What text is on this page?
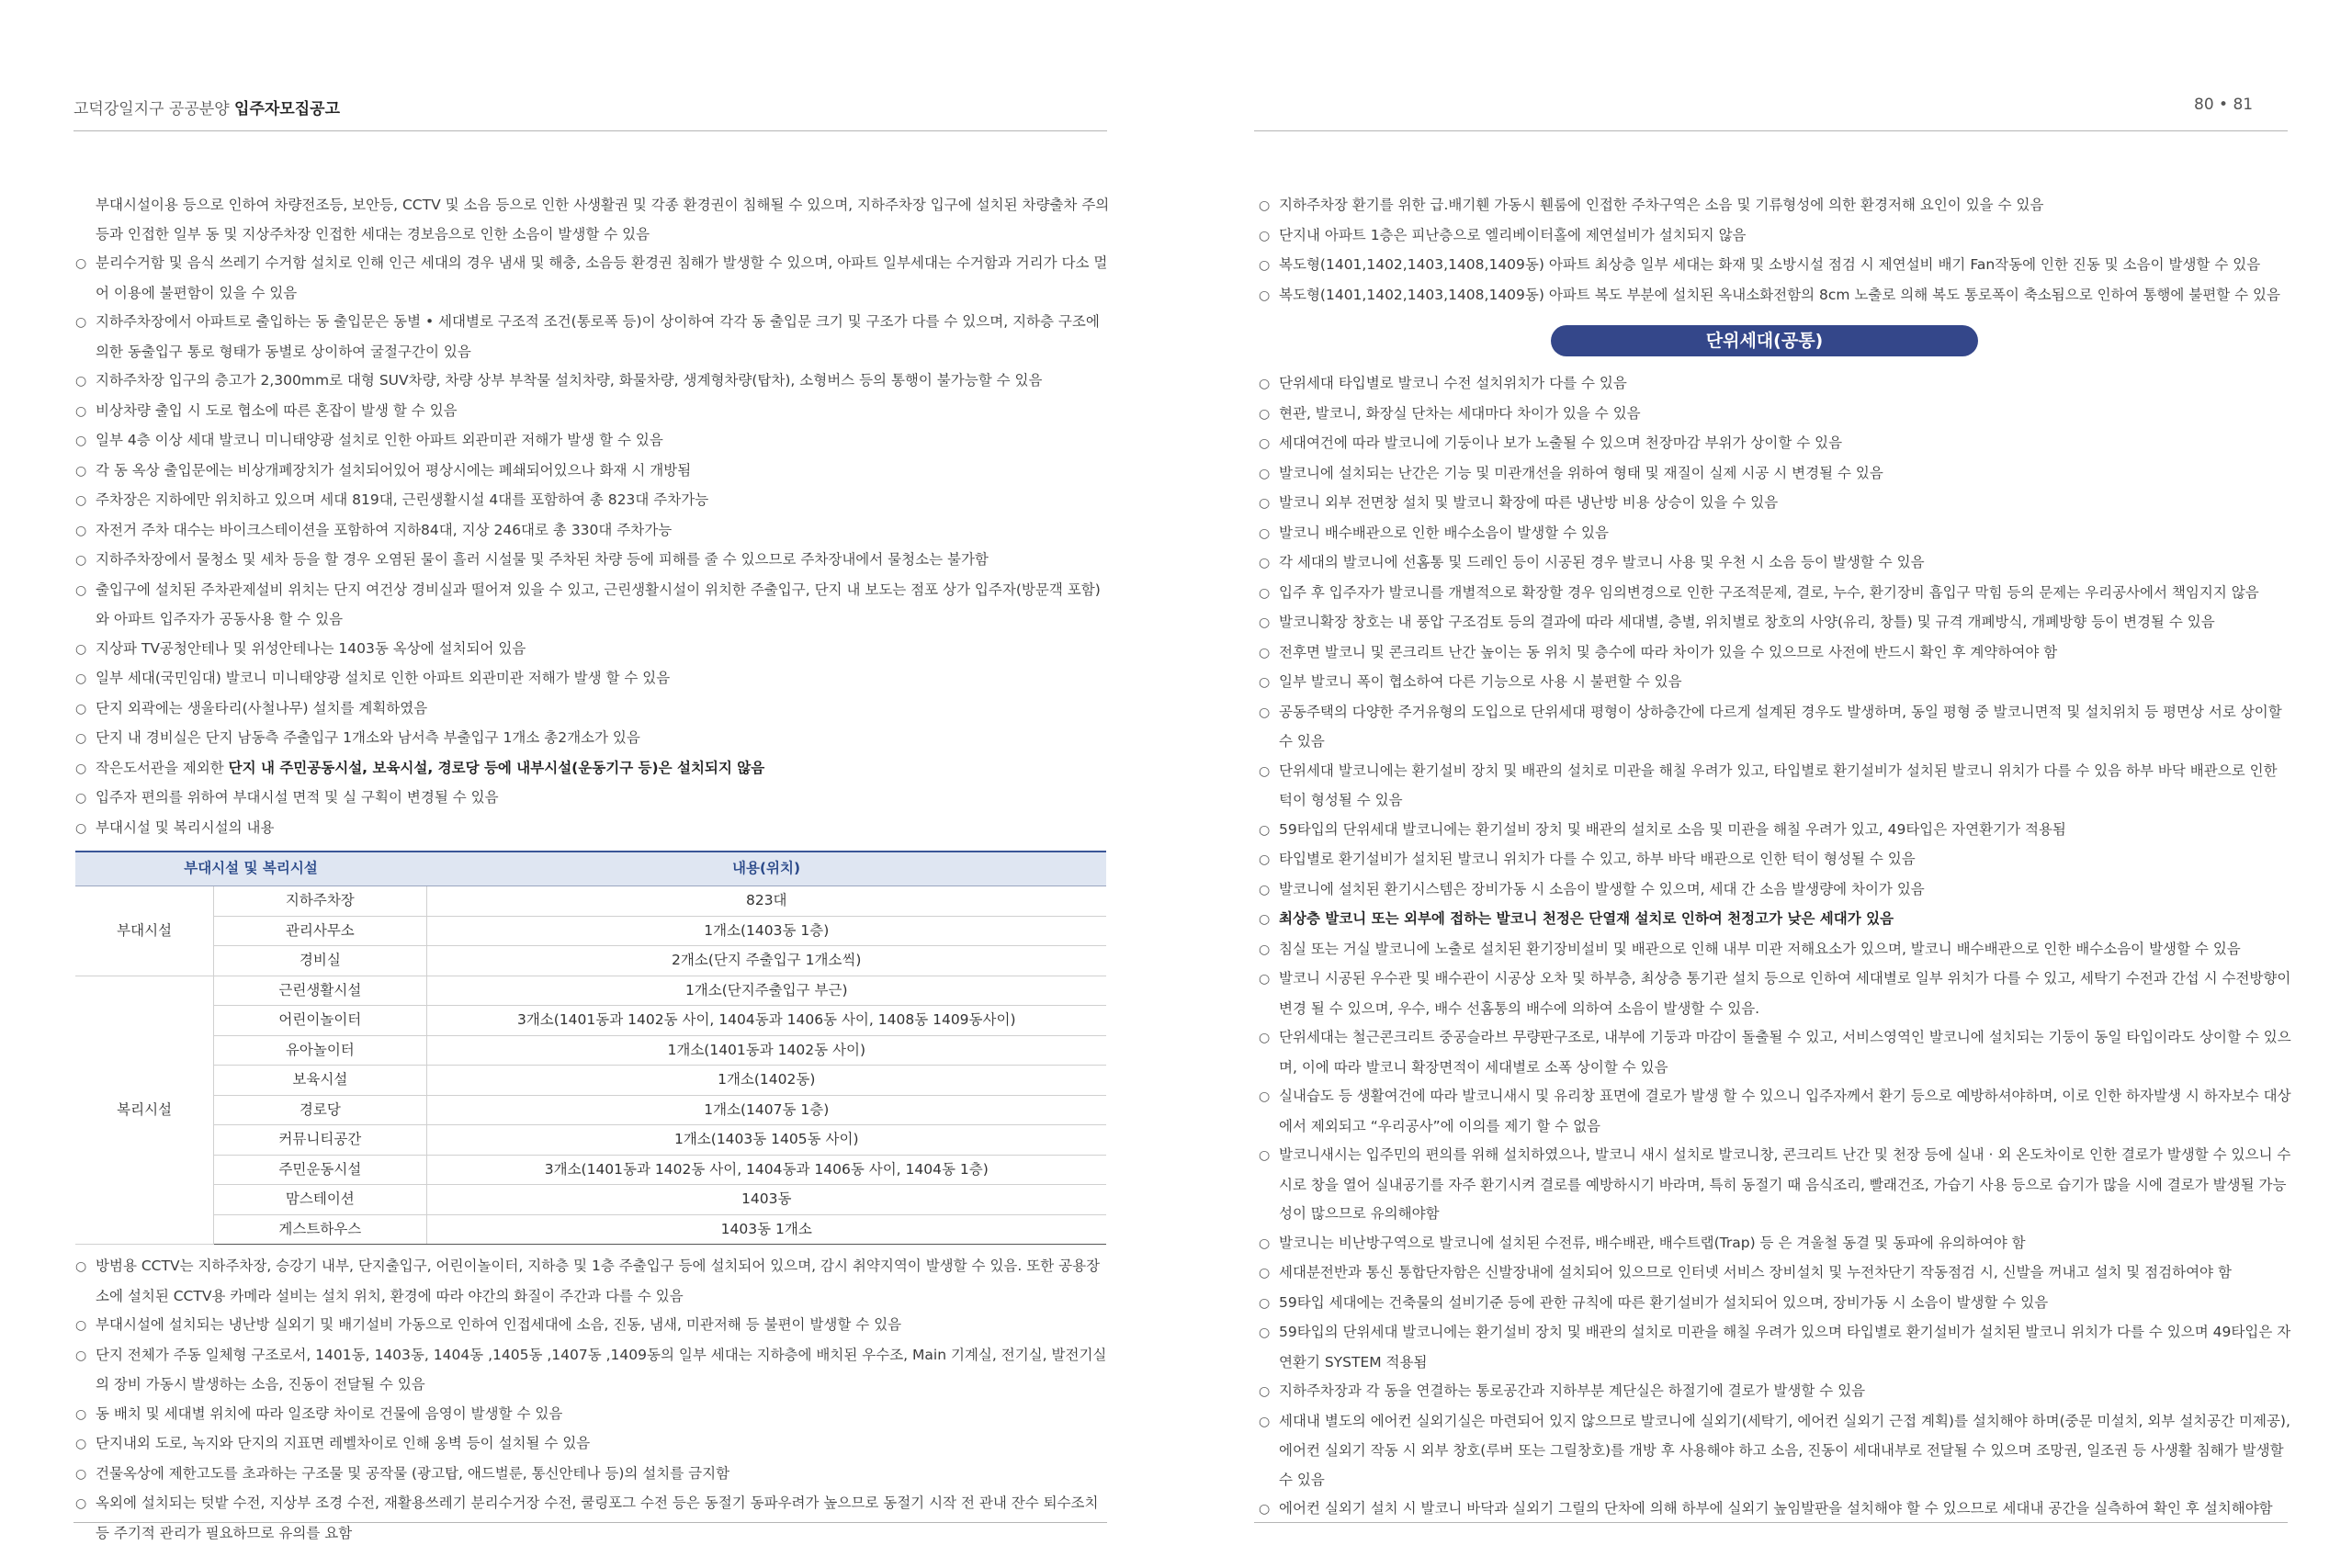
고덕강일지구 공공분양 입주자모집공고	80 • 81

부대시설이용 등으로 인하여 차량전조등, 보안등, CCTV 및 소음 등으로 인한 사생활권 및 각종 환경권이 침해될 수 있으며, 지하주차장 입구에 설치된 차량출차 주의등과 인접한 일부 동 및 지상주차장 인접한 세대는 경보음으로 인한 소음이 발생할 수 있음

○ 분리수거함 및 음식 쓰레기 수거함 설치로 인해 인근 세대의 경우 냄새 및 해충, 소음등 환경권 침해가 발생할 수 있으며, 아파트 일부세대는 수거함과 거리가 다소 멀어 이용에 불편함이 있을 수 있음

○ 지하주차장에서 아파트로 출입하는 동 출입문은 동별 • 세대별로 구조적 조건(통로폭 등)이 상이하여 각각 동 출입문 크기 및 구조가 다를 수 있으며, 지하층 구조에 의한 동출입구 통로 형태가 동별로 상이하여 굴절구간이 있음

○ 지하주차장 입구의 층고가 2,300mm로 대형 SUV차량, 차량 상부 부착물 설치차량, 화물차량, 생계형차량(탑차), 소형버스 등의 통행이 불가능할 수 있음

○ 비상차량 출입 시 도로 협소에 따른 혼잡이 발생 할 수 있음

○ 일부 4층 이상 세대 발코니 미니태양광 설치로 인한 아파트 외관미관 저해가 발생 할 수 있음

○ 각 동 옥상 출입문에는 비상개폐장치가 설치되어있어 평상시에는 폐쇄되어있으나 화재 시 개방됨

○ 주차장은 지하에만 위치하고 있으며 세대 819대, 근린생활시설 4대를 포함하여 총 823대 주차가능

○ 자전거 주차 대수는 바이크스테이션을 포함하여 지하84대, 지상 246대로 총 330대 주차가능

○ 지하주차장에서 물청소 및 세차 등을 할 경우 오염된 물이 흘러 시설물 및 주차된 차량 등에 피해를 줄 수 있으므로 주차장내에서 물청소는 불가함

○ 출입구에 설치된 주차관제설비 위치는 단지 여건상 경비실과 떨어져 있을 수 있고, 근린생활시설이 위치한 주출입구, 단지 내 보도는 점포 상가 입주자(방문객 포함)와 아파트 입주자가 공동사용 할 수 있음

○ 지상파 TV공청안테나 및 위성안테나는 1403동 옥상에 설치되어 있음

○ 일부 세대(국민임대) 발코니 미니태양광 설치로 인한 아파트 외관미관 저해가 발생 할 수 있음

○ 단지 외곽에는 생울타리(사철나무) 설치를 계획하였음

○ 단지 내 경비실은 단지 남동측 주출입구 1개소와 남서측 부출입구 1개소 총2개소가 있음

○ 작은도서관을 제외한 단지 내 주민공동시설, 보육시설, 경로당 등에 내부시설(운동기구 등)은 설치되지 않음

○ 입주자 편의를 위하여 부대시설 면적 및 실 구획이 변경될 수 있음

○ 부대시설 및 복리시설의 내용

부대시설 및 복리시설		내용(위치)
부대시설	지하주차장	823대
	관리사무소	1개소(1403동 1층)
	경비실	2개소(단지 주출입구 1개소씩)
복리시설	근린생활시설	1개소(단지주출입구 부근)
	어린이놀이터	3개소(1401동과 1402동 사이, 1404동과 1406동 사이, 1408동 1409동사이)
	유아놀이터	1개소(1401동과 1402동 사이)
	보육시설	1개소(1402동)
	경로당	1개소(1407동 1층)
	커뮤니티공간	1개소(1403동 1405동 사이)
	주민운동시설	3개소(1401동과 1402동 사이, 1404동과 1406동 사이, 1404동 1층)
	맘스테이션	1403동
	게스트하우스	1403동 1개소

○ 방범용 CCTV는 지하주차장, 승강기 내부, 단지출입구, 어린이놀이터, 지하층 및 1층 주출입구 등에 설치되어 있으며, 감시 취약지역이 발생할 수 있음. 또한 공용장소에 설치된 CCTV용 카메라 설비는 설치 위치, 환경에 따라 야간의 화질이 주간과 다를 수 있음

○ 부대시설에 설치되는 냉난방 실외기 및 배기설비 가동으로 인하여 인접세대에 소음, 진동, 냄새, 미관저해 등 불편이 발생할 수 있음

○ 단지 전체가 주동 일체형 구조로서, 1401동, 1403동, 1404동 ,1405동 ,1407동 ,1409동의 일부 세대는 지하층에 배치된 우수조, Main 기계실, 전기실, 발전기실의 장비 가동시 발생하는 소음, 진동이 전달될 수 있음

○ 동 배치 및 세대별 위치에 따라 일조량 차이로 건물에 음영이 발생할 수 있음

○ 단지내외 도로, 녹지와 단지의 지표면 레벨차이로 인해 옹벽 등이 설치될 수 있음

○ 건물옥상에 제한고도를 초과하는 구조물 및 공작물 (광고탑, 애드벌룬, 통신안테나 등)의 설치를 금지함

○ 옥외에 설치되는 텃밭 수전, 지상부 조경 수전, 재활용쓰레기 분리수거장 수전, 쿨링포그 수전 등은 동절기 동파우려가 높으므로 동절기 시작 전 관내 잔수 퇴수조치 등 주기적 관리가 필요하므로 유의를 요함

○ 지하주차장 환기를 위한 급.배기휀 가동시 휀룸에 인접한 주차구역은 소음 및 기류형성에 의한 환경저해 요인이 있을 수 있음

○ 단지내 아파트 1층은 피난층으로 엘리베이터홀에 제연설비가 설치되지 않음

○ 복도형(1401,1402,1403,1408,1409동) 아파트 최상층 일부 세대는 화재 및 소방시설 점검 시 제연설비 배기 Fan작동에 인한 진동 및 소음이 발생할 수 있음

○ 복도형(1401,1402,1403,1408,1409동) 아파트 복도 부분에 설치된 옥내소화전함의 8cm 노출로 의해 복도 통로폭이 축소됨으로 인하여 통행에 불편할 수 있음

단위세대(공통)

○ 단위세대 타입별로 발코니 수전 설치위치가 다를 수 있음

○ 현관, 발코니, 화장실 단차는 세대마다 차이가 있을 수 있음

○ 세대여건에 따라 발코니에 기둥이나 보가 노출될 수 있으며 천장마감 부위가 상이할 수 있음

○ 발코니에 설치되는 난간은 기능 및 미관개선을 위하여 형태 및 재질이 실제 시공 시 변경될 수 있음

○ 발코니 외부 전면창 설치 및 발코니 확장에 따른 냉난방 비용 상승이 있을 수 있음

○ 발코니 배수배관으로 인한 배수소음이 발생할 수 있음

○ 각 세대의 발코니에 선홈통 및 드레인 등이 시공된 경우 발코니 사용 및 우천 시 소음 등이 발생할 수 있음

○ 입주 후 입주자가 발코니를 개별적으로 확장할 경우 임의변경으로 인한 구조적문제, 결로, 누수, 환기장비 흡입구 막힘 등의 문제는 우리공사에서 책임지지 않음

○ 발코니확장 창호는 내 풍압 구조검토 등의 결과에 따라 세대별, 층별, 위치별로 창호의 사양(유리, 창틀) 및 규격 개폐방식, 개폐방향 등이 변경될 수 있음

○ 전후면 발코니 및 콘크리트 난간 높이는 동 위치 및 층수에 따라 차이가 있을 수 있으므로 사전에 반드시 확인 후 계약하여야 함

○ 일부 발코니 폭이 협소하여 다른 기능으로 사용 시 불편할 수 있음

○ 공동주택의 다양한 주거유형의 도입으로 단위세대 평형이 상하층간에 다르게 설계된 경우도 발생하며, 동일 평형 중 발코니면적 및 설치위치 등 평면상 서로 상이할 수 있음

○ 단위세대 발코니에는 환기설비 장치 및 배관의 설치로 미관을 해칠 우려가 있고, 타입별로 환기설비가 설치된 발코니 위치가 다를 수 있음 하부 바닥 배관으로 인한 턱이 형성될 수 있음

○ 59타입의 단위세대 발코니에는 환기설비 장치 및 배관의 설치로 소음 및 미관을 해칠 우려가 있고, 49타입은 자연환기가 적용됨

○ 타입별로 환기설비가 설치된 발코니 위치가 다를 수 있고, 하부 바닥 배관으로 인한 턱이 형성될 수 있음

○ 발코니에 설치된 환기시스템은 장비가동 시 소음이 발생할 수 있으며, 세대 간 소음 발생량에 차이가 있음

○ 최상층 발코니 또는 외부에 접하는 발코니 천정은 단열재 설치로 인하여 천정고가 낮은 세대가 있음

○ 침실 또는 거실 발코니에 노출로 설치된 환기장비설비 및 배관으로 인해 내부 미관 저해요소가 있으며, 발코니 배수배관으로 인한 배수소음이 발생할 수 있음

○ 발코니 시공된 우수관 및 배수관이 시공상 오차 및 하부층, 최상층 통기관 설치 등으로 인하여 세대별로 일부 위치가 다를 수 있고, 세탁기 수전과 간섭 시 수전방향이 변경 될 수 있으며, 우수, 배수 선홈통의 배수에 의하여 소음이 발생할 수 있음.

○ 단위세대는 철근콘크리트 중공슬라브 무량판구조로, 내부에 기둥과 마감이 돌출될 수 있고, 서비스영역인 발코니에 설치되는 기둥이 동일 타입이라도 상이할 수 있으며, 이에 따라 발코니 확장면적이 세대별로 소폭 상이할 수 있음

○ 실내습도 등 생활여건에 따라 발코니새시 및 유리창 표면에 결로가 발생 할 수 있으니 입주자께서 환기 등으로 예방하셔야하며, 이로 인한 하자발생 시 하자보수 대상에서 제외되고 “우리공사”에 이의를 제기 할 수 없음

○ 발코니새시는 입주민의 편의를 위해 설치하였으나, 발코니 새시 설치로 발코니창, 콘크리트 난간 및 천장 등에 실내 · 외 온도차이로 인한 결로가 발생할 수 있으니 수시로 창을 열어 실내공기를 자주 환기시켜 결로를 예방하시기 바라며, 특히 동절기 때 음식조리, 빨래건조, 가습기 사용 등으로 습기가 많을 시에 결로가 발생될 가능성이 많으므로 유의해야함

○ 발코니는 비난방구역으로 발코니에 설치된 수전류, 배수배관, 배수트랩(Trap) 등 은 겨울철 동결 및 동파에 유의하여야 함

○ 세대분전반과 통신 통합단자함은 신발장내에 설치되어 있으므로 인터넷 서비스 장비설치 및 누전차단기 작동점검 시, 신발을 꺼내고 설치 및 점검하여야 함

○ 59타입 세대에는 건축물의 설비기준 등에 관한 규칙에 따른 환기설비가 설치되어 있으며, 장비가동 시 소음이 발생할 수 있음

○ 59타입의 단위세대 발코니에는 환기설비 장치 및 배관의 설치로 미관을 해칠 우려가 있으며 타입별로 환기설비가 설치된 발코니 위치가 다를 수 있으며 49타입은 자연환기 SYSTEM 적용됨

○ 지하주차장과 각 동을 연결하는 통로공간과 지하부분 계단실은 하절기에 결로가 발생할 수 있음

○ 세대내 별도의 에어컨 실외기실은 마련되어 있지 않으므로 발코니에 실외기(세탁기, 에어컨 실외기 근접 계획)를 설치해야 하며(중문 미설치, 외부 설치공간 미제공), 에어컨 실외기 작동 시 외부 창호(루버 또는 그릴창호)를 개방 후 사용해야 하고 소음, 진동이 세대내부로 전달될 수 있으며 조망권, 일조권 등 사생활 침해가 발생할 수 있음

○ 에어컨 실외기 설치 시 발코니 바닥과 실외기 그릴의 단차에 의해 하부에 실외기 높임발판을 설치해야 할 수 있으므로 세대내 공간을 실측하여 확인 후 설치해야함
